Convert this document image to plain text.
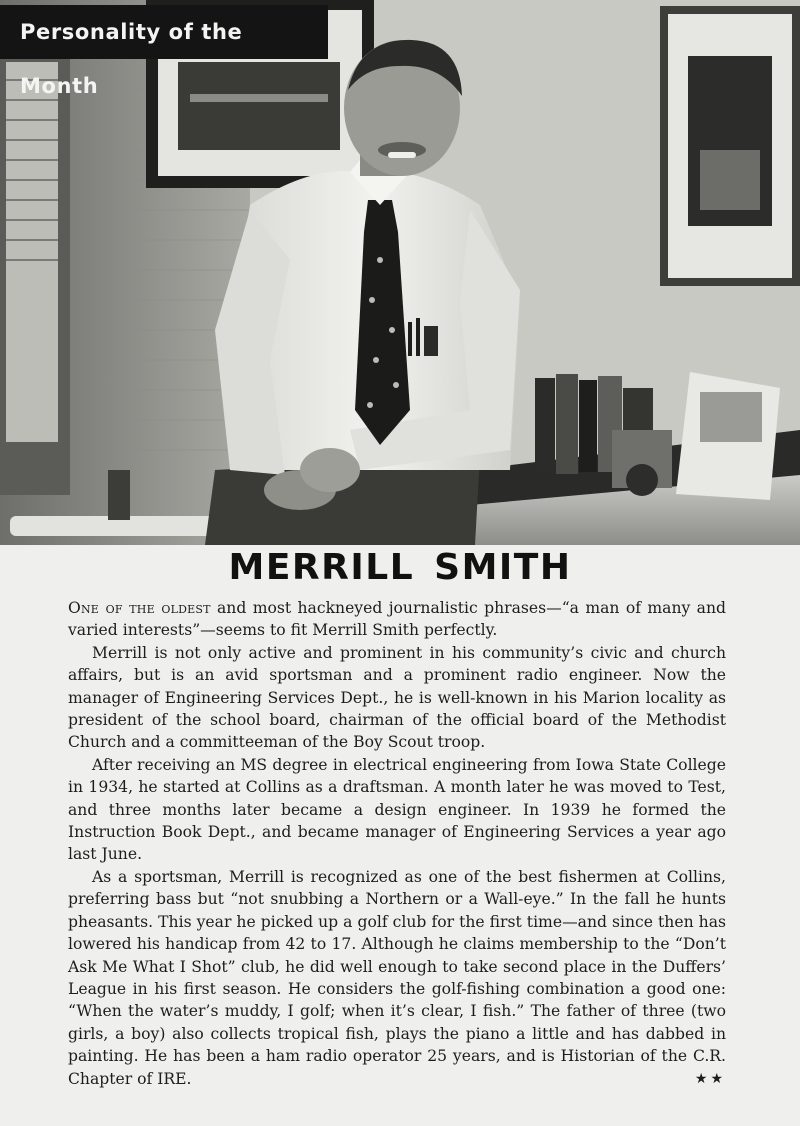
Personality of the Month
MERRILL SMITH

One of the oldest and most hackneyed journalistic phrases—“a man of many and varied interests”—seems to fit Merrill Smith perfectly.

Merrill is not only active and prominent in his community’s civic and church affairs, but is an avid sportsman and a prominent radio engineer. Now the manager of Engineering Services Dept., he is well-known in his Marion locality as president of the school board, chairman of the official board of the Methodist Church and a committeeman of the Boy Scout troop.

After receiving an MS degree in electrical engineering from Iowa State College in 1934, he started at Collins as a draftsman. A month later he was moved to Test, and three months later became a design engineer. In 1939 he formed the Instruction Book Dept., and became manager of Engineering Services a year ago last June.

As a sportsman, Merrill is recognized as one of the best fishermen at Collins, preferring bass but “not snubbing a Northern or a Wall-eye.” In the fall he hunts pheasants. This year he picked up a golf club for the first time—and since then has lowered his handicap from 42 to 17. Although he claims membership to the “Don’t Ask Me What I Shot” club, he did well enough to take second place in the Duffers’ League in his first season. He considers the golf-fishing combination a good one: “When the water’s muddy, I golf; when it’s clear, I fish.” The father of three (two girls, a boy) also collects tropical fish, plays the piano a little and has dabbed in painting. He has been a ham radio operator 25 years, and is Historian of the C.R. Chapter of IRE.	★★
